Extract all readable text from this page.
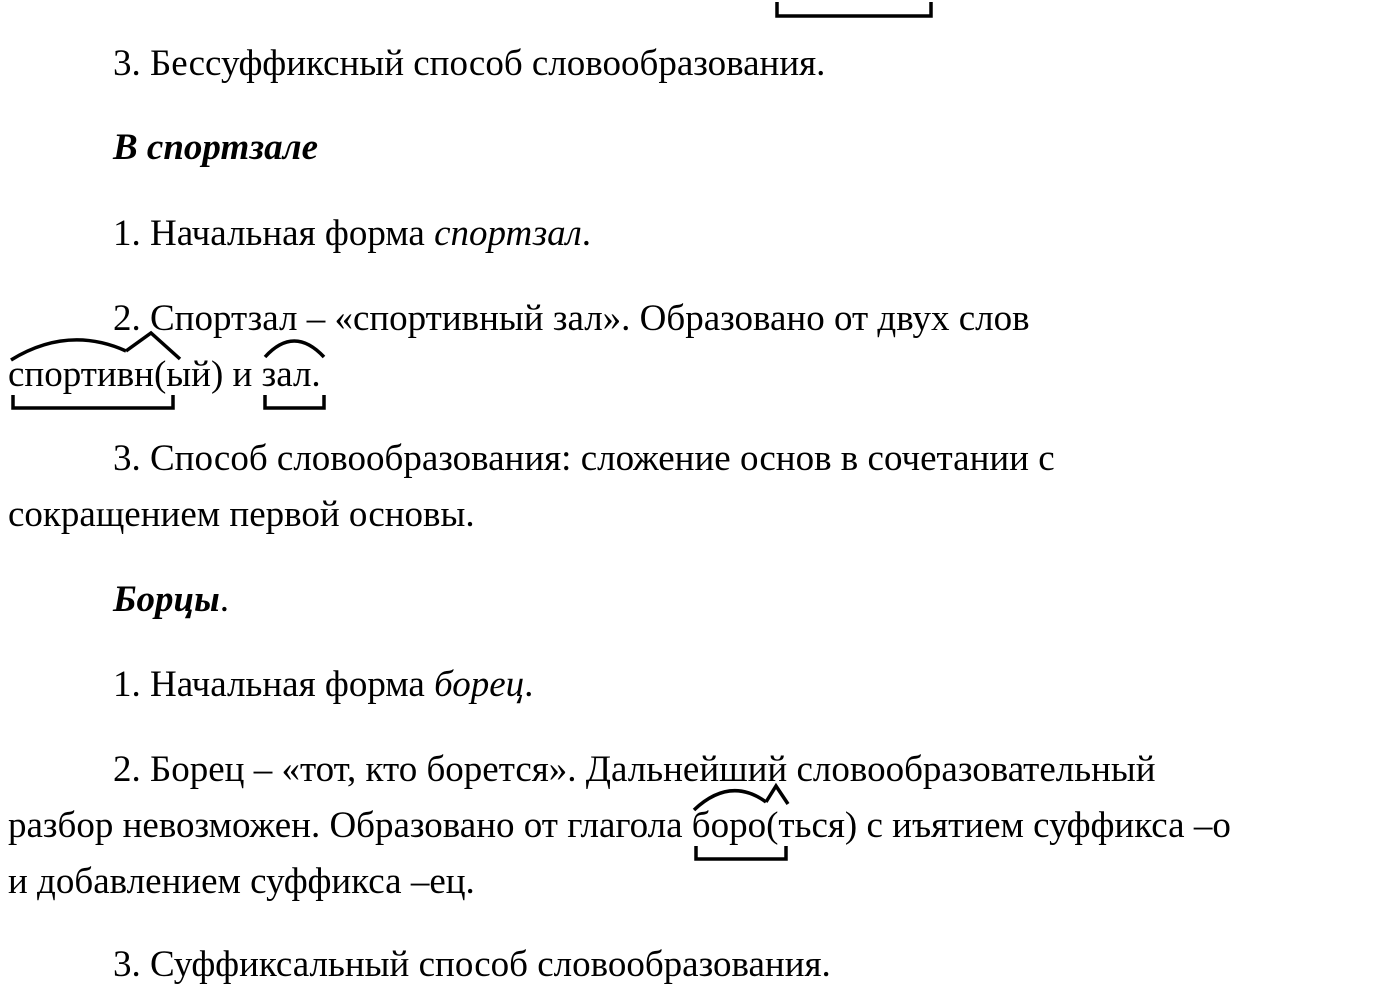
3. Бессуффиксный способ словообразования.

В спортзале

1. Начальная форма спортзал.

2. Спортзал – «спортивный зал». Образовано от двух слов

спортивн
(ый) и зал
.

3. Способ словообразования: сложение основ в сочетании с

сокращением первой основы.

Борцы.

1. Начальная форма борец.

2. Борец – «тот, кто борется». Дальнейший словообразовательный

разбор невозможен. Образовано от глагола боро
(ться) с иъятием суффикса –о

и добавлением суффикса –ец.

3. Суффиксальный способ словообразования.
